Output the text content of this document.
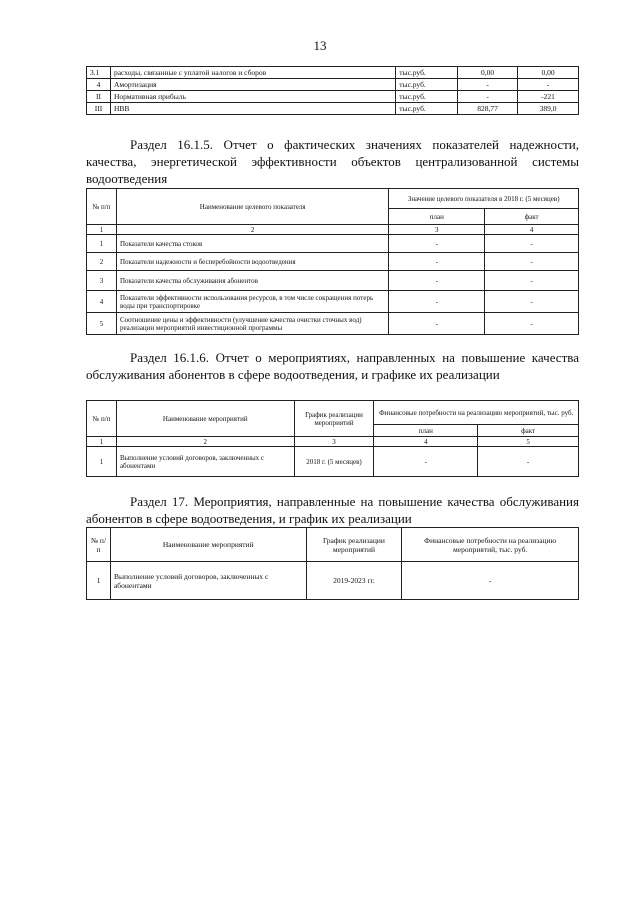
13
3.1	расходы, связанные с уплатой налогов и сборов	тыс.руб.	0,00	0,00
4	Амортизация	тыс.руб.	-	-
II	Нормативная прибыль	тыс.руб.	-	-221
III	НВВ	тыс.руб.	828,77	389,0
Раздел 16.1.5. Отчет о фактических значениях показателей надежности, качества, энергетической эффективности объектов централизованной системы водоотведения
№ п/п	Наименование целевого показателя	Значение целевого показателя в 2018 г. (5 месяцев)	
		план	факт
1	2	3	4
1	Показатели качества стоков	-	-
2	Показатели надежности и бесперебойности водоотведения	-	-
3	Показатели качества обслуживания абонентов	-	-
4	Показатели эффективности использования ресурсов, в том числе сокращения потерь воды при транспортировке	-	-
5	Соотношение цены и эффективности (улучшение качества очистки сточных вод) реализации мероприятий инвестиционной программы	-	-
Раздел 16.1.6. Отчет о мероприятиях, направленных на повышение качества обслуживания абонентов в сфере водоотведения, и графике их реализации
№ п/п	Наименование мероприятий	График реализации мероприятий	Финансовые потребности на реализацию мероприятий, тыс. руб.	
			план	факт
1	2	3	4	5
1	Выполнение условий договоров, заключенных с абонентами	2018 г. (5 месяцев)	-	-
Раздел 17. Мероприятия, направленные на повышение качества обслуживания абонентов в сфере водоотведения, и график их реализации
№ п/п	Наименование мероприятий	График реализации мероприятий	Финансовые потребности на реализацию мероприятий, тыс. руб.
1	Выполнение условий договоров, заключенных с абонентами	2019-2023 гг.	-
